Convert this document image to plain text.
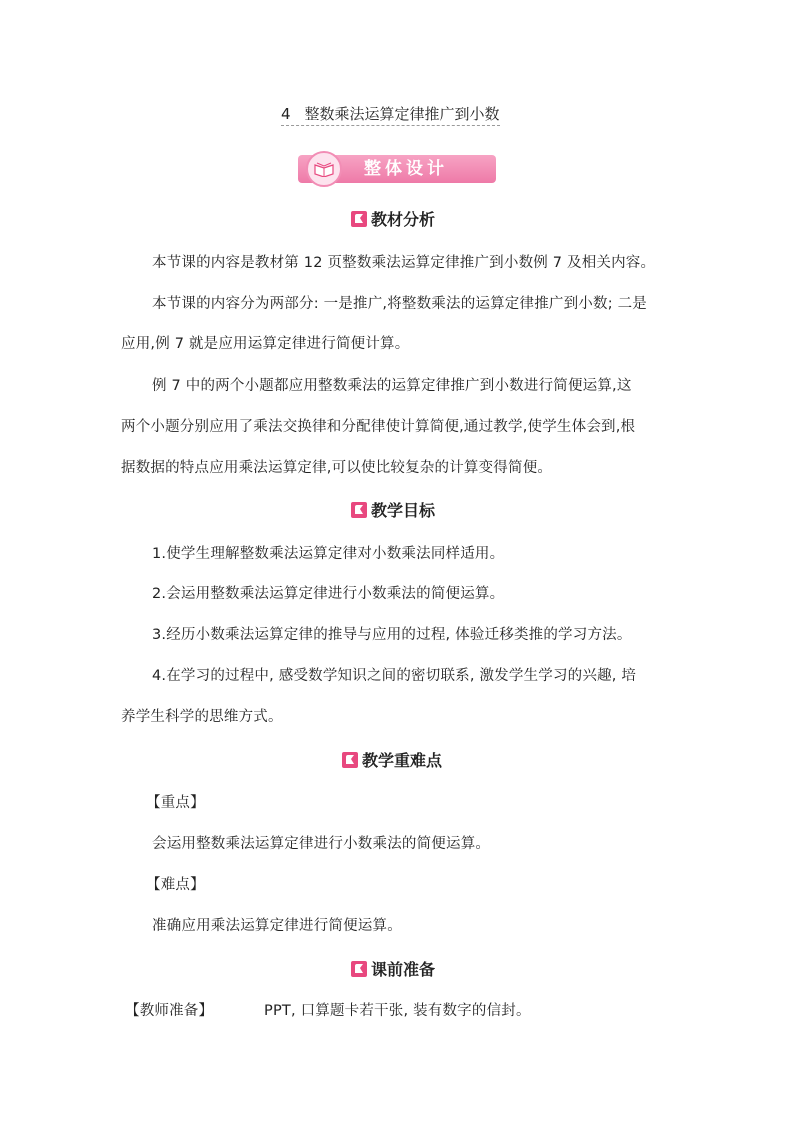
4 整数乘法运算定律推广到小数
整体设计
教材分析
本节课的内容是教材第 12 页整数乘法运算定律推广到小数例 7 及相关内容。
本节课的内容分为两部分: 一是推广,将整数乘法的运算定律推广到小数; 二是
应用,例 7 就是应用运算定律进行简便计算。
例 7 中的两个小题都应用整数乘法的运算定律推广到小数进行简便运算,这
两个小题分别应用了乘法交换律和分配律使计算简便,通过教学,使学生体会到,根
据数据的特点应用乘法运算定律,可以使比较复杂的计算变得简便。
教学目标
1.使学生理解整数乘法运算定律对小数乘法同样适用。
2.会运用整数乘法运算定律进行小数乘法的简便运算。
3.经历小数乘法运算定律的推导与应用的过程, 体验迁移类推的学习方法。
4.在学习的过程中, 感受数学知识之间的密切联系, 激发学生学习的兴趣, 培
养学生科学的思维方式。
教学重难点
【重点】
会运用整数乘法运算定律进行小数乘法的简便运算。
【难点】
准确应用乘法运算定律进行简便运算。
课前准备
【教师准备】	PPT, 口算题卡若干张, 装有数字的信封。
